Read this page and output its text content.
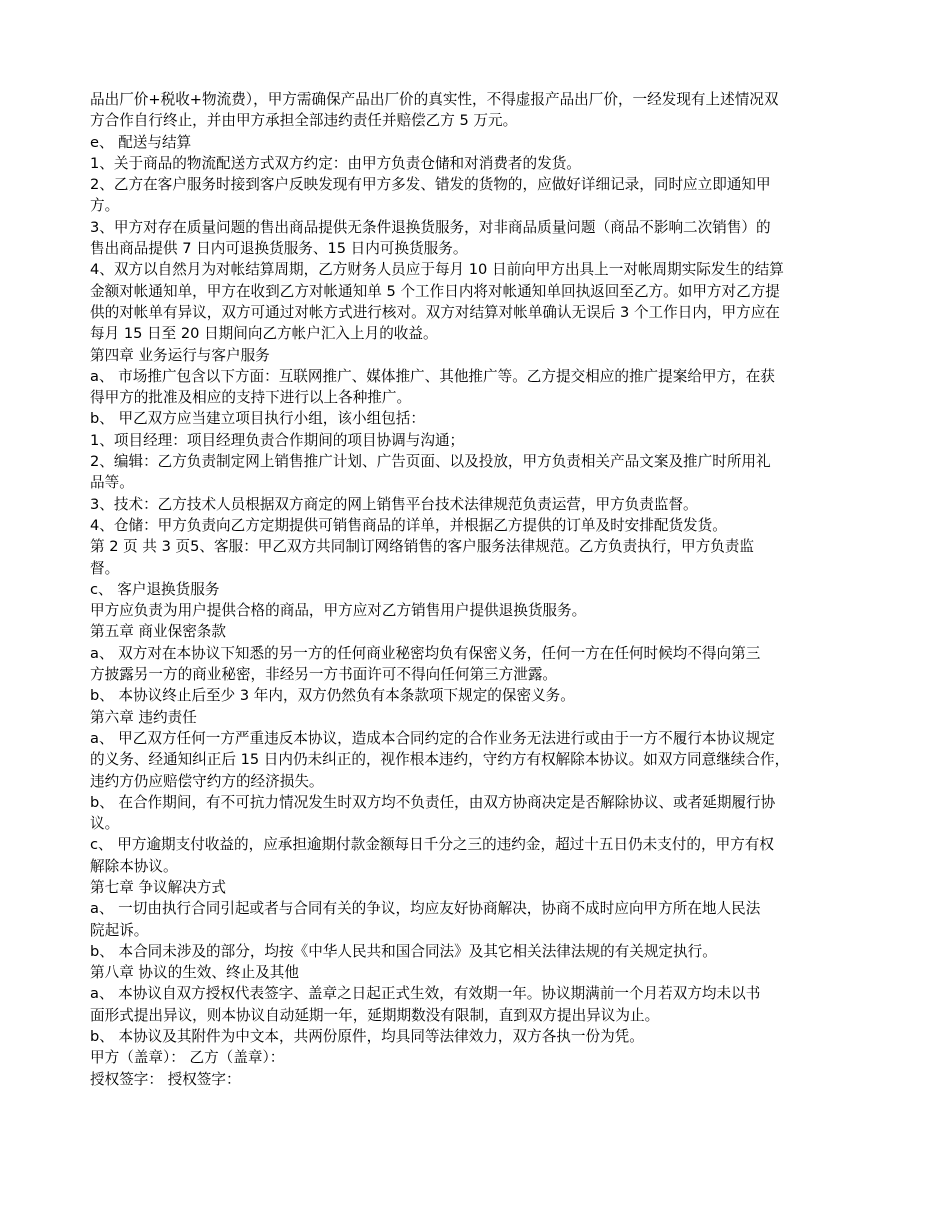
品出厂价+税收+物流费），甲方需确保产品出厂价的真实性，不得虚报产品出厂价，一经发现有上述情况双
方合作自行终止，并由甲方承担全部违约责任并赔偿乙方 5 万元。
e、 配送与结算
1、关于商品的物流配送方式双方约定：由甲方负责仓储和对消费者的发货。
2、乙方在客户服务时接到客户反映发现有甲方多发、错发的货物的，应做好详细记录，同时应立即通知甲
方。
3、甲方对存在质量问题的售出商品提供无条件退换货服务，对非商品质量问题（商品不影响二次销售）的
售出商品提供 7 日内可退换货服务、15 日内可换货服务。
4、双方以自然月为对帐结算周期，乙方财务人员应于每月 10 日前向甲方出具上一对帐周期实际发生的结算
金额对帐通知单，甲方在收到乙方对帐通知单 5 个工作日内将对帐通知单回执返回至乙方。如甲方对乙方提
供的对帐单有异议，双方可通过对帐方式进行核对。双方对结算对帐单确认无误后 3 个工作日内，甲方应在
每月 15 日至 20 日期间向乙方帐户汇入上月的收益。
第四章 业务运行与客户服务
a、 市场推广包含以下方面：互联网推广、媒体推广、其他推广等。乙方提交相应的推广提案给甲方，在获
得甲方的批准及相应的支持下进行以上各种推广。
b、 甲乙双方应当建立项目执行小组，该小组包括：
1、项目经理：项目经理负责合作期间的项目协调与沟通；
2、编辑：乙方负责制定网上销售推广计划、广告页面、以及投放，甲方负责相关产品文案及推广时所用礼
品等。
3、技术：乙方技术人员根据双方商定的网上销售平台技术法律规范负责运营，甲方负责监督。
4、仓储：甲方负责向乙方定期提供可销售商品的详单，并根据乙方提供的订单及时安排配货发货。
第 2 页 共 3 页5、客服：甲乙双方共同制订网络销售的客户服务法律规范。乙方负责执行，甲方负责监
督。
c、 客户退换货服务
甲方应负责为用户提供合格的商品，甲方应对乙方销售用户提供退换货服务。
第五章 商业保密条款
a、 双方对在本协议下知悉的另一方的任何商业秘密均负有保密义务，任何一方在任何时候均不得向第三
方披露另一方的商业秘密，非经另一方书面许可不得向任何第三方泄露。
b、 本协议终止后至少 3 年内，双方仍然负有本条款项下规定的保密义务。
第六章 违约责任
a、 甲乙双方任何一方严重违反本协议，造成本合同约定的合作业务无法进行或由于一方不履行本协议规定
的义务、经通知纠正后 15 日内仍未纠正的，视作根本违约，守约方有权解除本协议。如双方同意继续合作，
违约方仍应赔偿守约方的经济损失。
b、 在合作期间，有不可抗力情况发生时双方均不负责任，由双方协商决定是否解除协议、或者延期履行协
议。
c、 甲方逾期支付收益的，应承担逾期付款金额每日千分之三的违约金，超过十五日仍未支付的，甲方有权
解除本协议。
第七章 争议解决方式
a、 一切由执行合同引起或者与合同有关的争议，均应友好协商解决，协商不成时应向甲方所在地人民法
院起诉。
b、 本合同未涉及的部分，均按《中华人民共和国合同法》及其它相关法律法规的有关规定执行。
第八章 协议的生效、终止及其他
a、 本协议自双方授权代表签字、盖章之日起正式生效，有效期一年。协议期满前一个月若双方均未以书
面形式提出异议，则本协议自动延期一年，延期期数没有限制，直到双方提出异议为止。
b、 本协议及其附件为中文本，共两份原件，均具同等法律效力，双方各执一份为凭。
甲方（盖章）： 乙方（盖章）：
授权签字： 授权签字：
